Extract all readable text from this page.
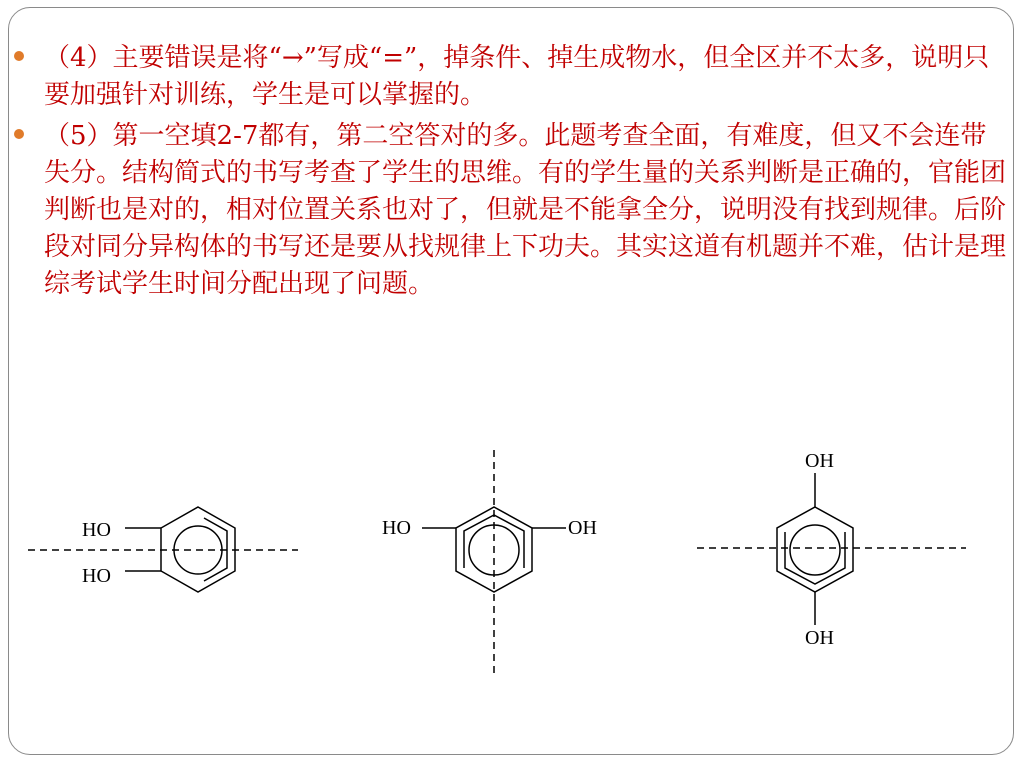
（4）主要错误是将“→”写成“=”，掉条件、掉生成物水，但全区并不太多，说明只要加强针对训练，学生是可以掌握的。
（5）第一空填2-7都有，第二空答对的多。此题考查全面，有难度，但又不会连带失分。结构简式的书写考查了学生的思维。有的学生量的关系判断是正确的，官能团判断也是对的，相对位置关系也对了，但就是不能拿全分，说明没有找到规律。后阶段对同分异构体的书写还是要从找规律上下功夫。其实这道有机题并不难，估计是理综考试学生时间分配出现了问题。
HO
HO
HO	OH
OH
OH
